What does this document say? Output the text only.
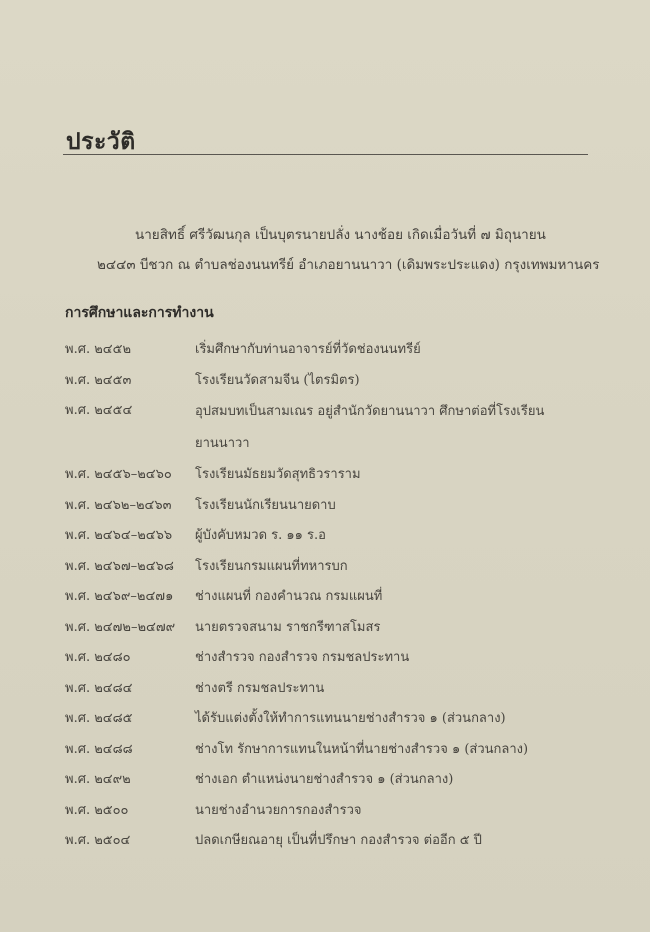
ประวัติ
นายสิทธิ์ ศรีวัฒนกุล เป็นบุตรนายปลั่ง นางช้อย เกิดเมื่อวันที่ ๗ มิถุนายน
๒๔๔๓ บีชวก ณ ตำบลช่องนนทรีย์ อำเภอยานนาวา (เดิมพระประแดง) กรุงเทพมหานคร
การศึกษาและการทำงาน
พ.ศ. ๒๔๕๒	เริ่มศึกษากับท่านอาจารย์ที่วัดช่องนนทรีย์
พ.ศ. ๒๔๕๓	โรงเรียนวัดสามจีน (ไตรมิตร)
พ.ศ. ๒๔๕๔	อุปสมบทเป็นสามเณร อยู่สำนักวัดยานนาวา ศึกษาต่อที่โรงเรียนยานนาวา
พ.ศ. ๒๔๕๖–๒๔๖๐	โรงเรียนมัธยมวัดสุทธิวราราม
พ.ศ. ๒๔๖๒–๒๔๖๓	โรงเรียนนักเรียนนายดาบ
พ.ศ. ๒๔๖๔–๒๔๖๖	ผู้บังคับหมวด ร. ๑๑ ร.อ
พ.ศ. ๒๔๖๗–๒๔๖๘	โรงเรียนกรมแผนที่ทหารบก
พ.ศ. ๒๔๖๙–๒๔๗๑	ช่างแผนที่ กองคำนวณ กรมแผนที่
พ.ศ. ๒๔๗๒–๒๔๗๙	นายตรวจสนาม ราชกรีฑาสโมสร
พ.ศ. ๒๔๘๐	ช่างสำรวจ กองสำรวจ กรมชลประทาน
พ.ศ. ๒๔๘๔	ช่างตรี กรมชลประทาน
พ.ศ. ๒๔๘๕	ได้รับแต่งตั้งให้ทำการแทนนายช่างสำรวจ ๑ (ส่วนกลาง)
พ.ศ. ๒๔๘๘	ช่างโท รักษาการแทนในหน้าที่นายช่างสำรวจ ๑ (ส่วนกลาง)
พ.ศ. ๒๔๙๒	ช่างเอก ตำแหน่งนายช่างสำรวจ ๑ (ส่วนกลาง)
พ.ศ. ๒๕๐๐	นายช่างอำนวยการกองสำรวจ
พ.ศ. ๒๕๐๔	ปลดเกษียณอายุ เป็นที่ปรึกษา กองสำรวจ ต่ออีก ๕ ปี
